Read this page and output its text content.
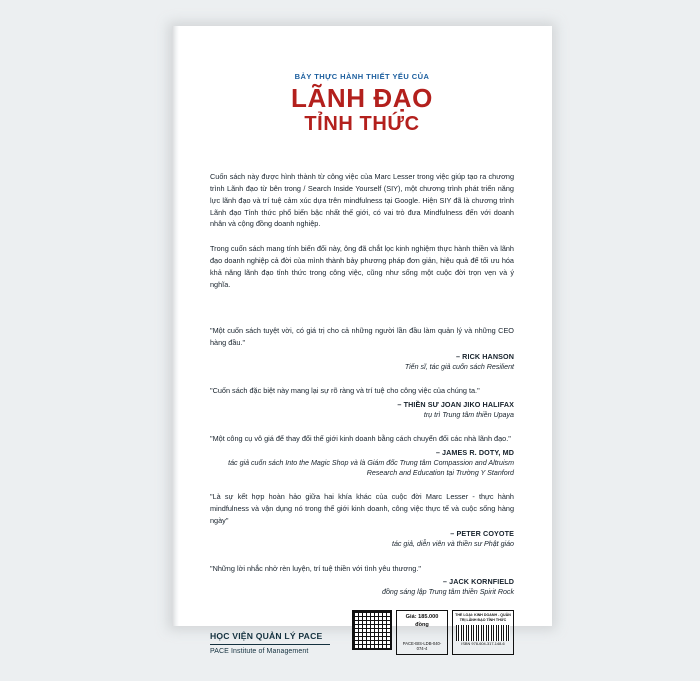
BẢY THỰC HÀNH THIẾT YẾU CỦA

LÃNH ĐẠO

TỈNH THỨC

Cuốn sách này được hình thành từ công việc của Marc Lesser trong việc giúp tạo ra chương trình Lãnh đạo từ bên trong / Search Inside Yourself (SIY), một chương trình phát triển năng lực lãnh đạo và trí tuệ cảm xúc dựa trên mindfulness tại Google. Hiện SIY đã là chương trình Lãnh đạo Tỉnh thức phổ biến bậc nhất thế giới, có vai trò đưa Mindfulness đến với doanh nhân và cộng đồng doanh nghiệp.

Trong cuốn sách mang tính biến đổi này, ông đã chắt lọc kinh nghiệm thực hành thiền và lãnh đạo doanh nghiệp cả đời của mình thành bảy phương pháp đơn giản, hiệu quả để tối ưu hóa khả năng lãnh đạo tỉnh thức trong công việc, cũng như sống một cuộc đời trọn vẹn và ý nghĩa.

"Một cuốn sách tuyệt vời, có giá trị cho cả những người lần đầu làm quản lý và những CEO hàng đầu."

– RICK HANSON

Tiến sĩ, tác giả cuốn sách Resilient

"Cuốn sách đặc biệt này mang lại sự rõ ràng và trí tuệ cho công việc của chúng ta."

– THIỀN SƯ JOAN JIKO HALIFAX

trụ trì Trung tâm thiền Upaya

"Một công cụ vô giá để thay đổi thế giới kinh doanh bằng cách chuyển đổi các nhà lãnh đạo."

– JAMES R. DOTY, MD

tác giả cuốn sách Into the Magic Shop và là Giám đốc Trung tâm Compassion and Altruism Research and Education tại Trường Y Stanford

"Là sự kết hợp hoàn hảo giữa hai khía khác của cuộc đời Marc Lesser - thực hành mindfulness và vận dụng nó trong thế giới kinh doanh, công việc thực tế và cuộc sống hàng ngày"

– PETER COYOTE

tác giả, diễn viên và thiền sư Phật giáo

"Những lời nhắc nhở rèn luyện, trí tuệ thiền với tình yêu thương."

– JACK KORNFIELD

đồng sáng lập Trung tâm thiền Spirit Rock

HỌC VIỆN QUẢN LÝ PACE

PACE Institute of Management

Giá: 185.000 đồng
PACE-BIS-LDB-040-074-4
THỂ LOẠI: KINH DOANH - QUẢN TRỊ LÃNH ĐẠO TỈNH THỨC
ISBN 978-604-317-148-6
